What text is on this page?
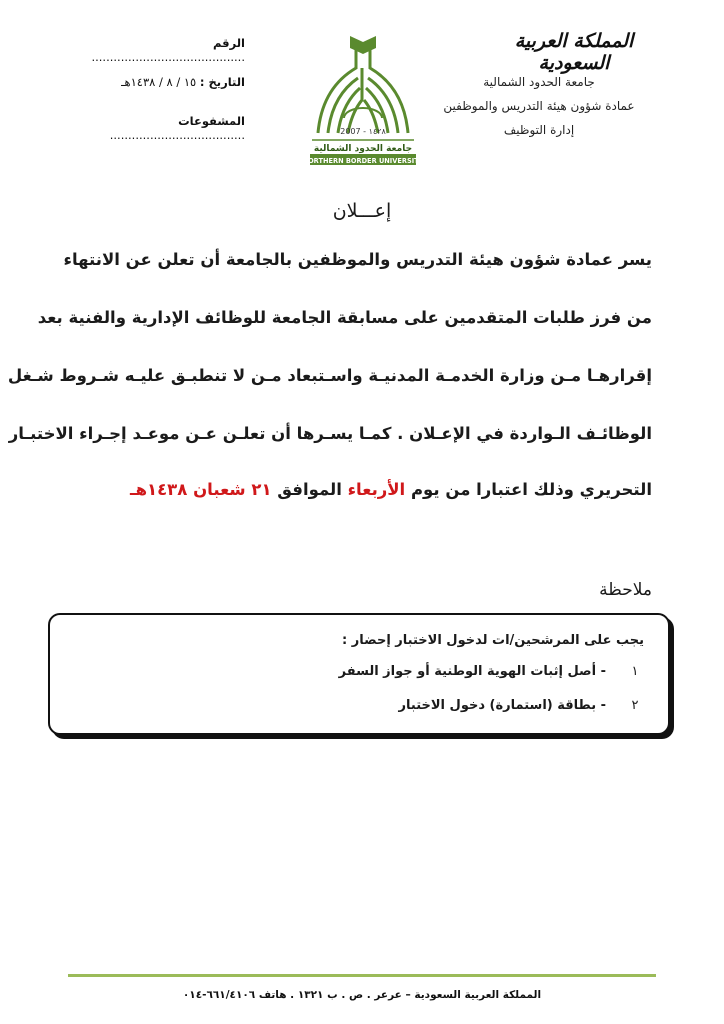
المملكة العربية السعودية
جامعة الحدود الشمالية
عمادة شؤون هيئة التدريس والموظفين
إدارة التوظيف
الرقم ..........................................
التاريخ : ١٥ / ٨ / ١٤٣٨هـ
المشفوعات .....................................	2007 - ١٤٢٨
جامعة الحدود الشمالية
NORTHERN BORDER UNIVERSITY
إعـــلان
يسر عمادة شؤون هيئة التدريس والموظفين بالجامعة أن تعلن عن الانتهاء
من فرز طلبات المتقدمين على مسابقة الجامعة للوظائف الإدارية والفنية بعد
إقرارهـا مـن وزارة الخدمـة المدنيـة واسـتبعاد مـن لا تنطبـق عليـه شـروط شـغل
الوظائـف الـواردة في الإعـلان . كمـا يسـرها أن تعلـن عـن موعـد إجـراء الاختبـار
التحريري وذلك اعتبارا من يوم الأربعاء الموافق ٢١ شعبان ١٤٣٨هـ
ملاحظة
يجب على المرشحين/ات لدخول الاختبار إحضار :
١
- أصل إثبات الهوية الوطنية أو جواز السفر
٢
- بطاقة (استمارة) دخول الاختبار
المملكة العربية السعودية – عرعر . ص . ب ١٣٢١ . هاتف ٦٦١/٤١٠٦-٠١٤
